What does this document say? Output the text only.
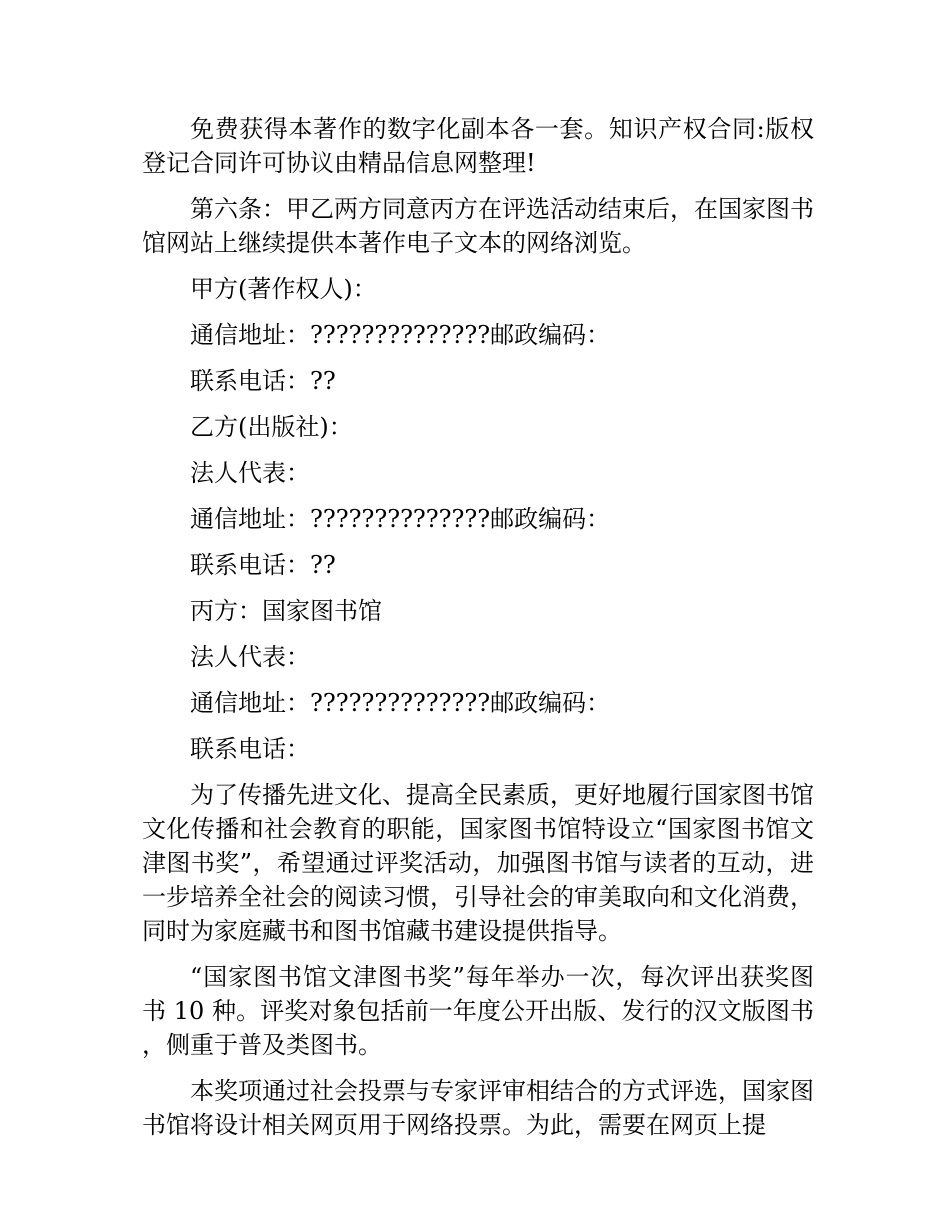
免费获得本著作的数字化副本各一套。知识产权合同:版权登记合同许可协议由精品信息网整理!

第六条：甲乙两方同意丙方在评选活动结束后，在国家图书馆网站上继续提供本著作电子文本的网络浏览。

甲方(著作权人)：

通信地址：??????????????邮政编码：

联系电话：??

乙方(出版社)：

法人代表：

通信地址：??????????????邮政编码：

联系电话：??

丙方：国家图书馆

法人代表：

通信地址：??????????????邮政编码：

联系电话：

为了传播先进文化、提高全民素质，更好地履行国家图书馆文化传播和社会教育的职能，国家图书馆特设立“国家图书馆文津图书奖”，希望通过评奖活动，加强图书馆与读者的互动，进一步培养全社会的阅读习惯，引导社会的审美取向和文化消费，同时为家庭藏书和图书馆藏书建设提供指导。

“国家图书馆文津图书奖”每年举办一次，每次评出获奖图书 10 种。评奖对象包括前一年度公开出版、发行的汉文版图书，侧重于普及类图书。

本奖项通过社会投票与专家评审相结合的方式评选，国家图书馆将设计相关网页用于网络投票。为此，需要在网页上提
